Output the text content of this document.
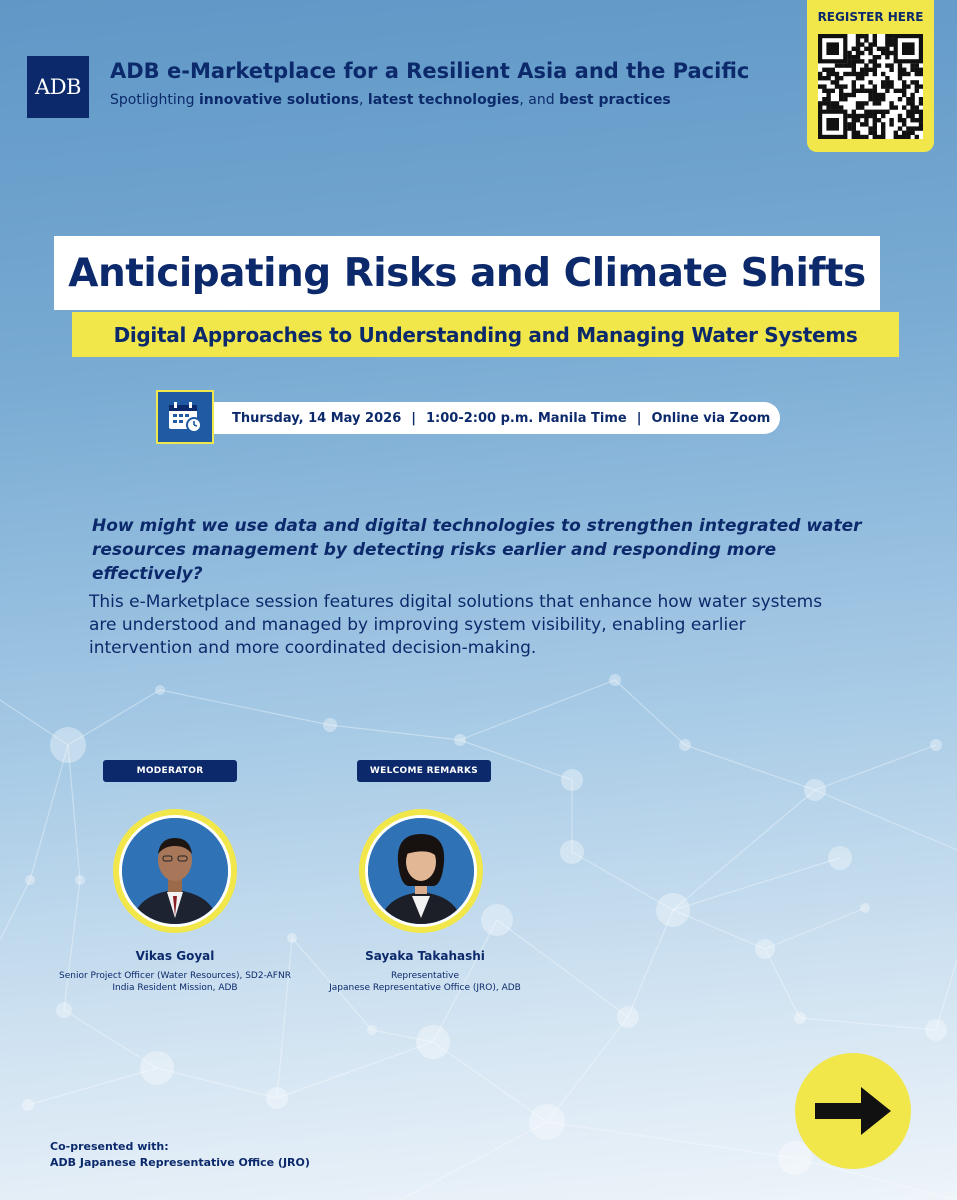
ADB
ADB e-Marketplace for a Resilient Asia and the Pacific
Spotlighting innovative solutions, latest technologies, and best practices
REGISTER HERE
Anticipating Risks and Climate Shifts
Digital Approaches to Understanding and Managing Water Systems
Thursday, 14 May 2026 | 1:00-2:00 p.m. Manila Time | Online via Zoom
How might we use data and digital technologies to strengthen integrated water resources management by detecting risks earlier and responding more effectively?
This e-Marketplace session features digital solutions that enhance how water systems are understood and managed by improving system visibility, enabling earlier intervention and more coordinated decision-making.
MODERATOR
Vikas Goyal
Senior Project Officer (Water Resources), SD2-AFNR
India Resident Mission, ADB
WELCOME REMARKS
Sayaka Takahashi
Representative
Japanese Representative Office (JRO), ADB
Co-presented with:
ADB Japanese Representative Office (JRO)
